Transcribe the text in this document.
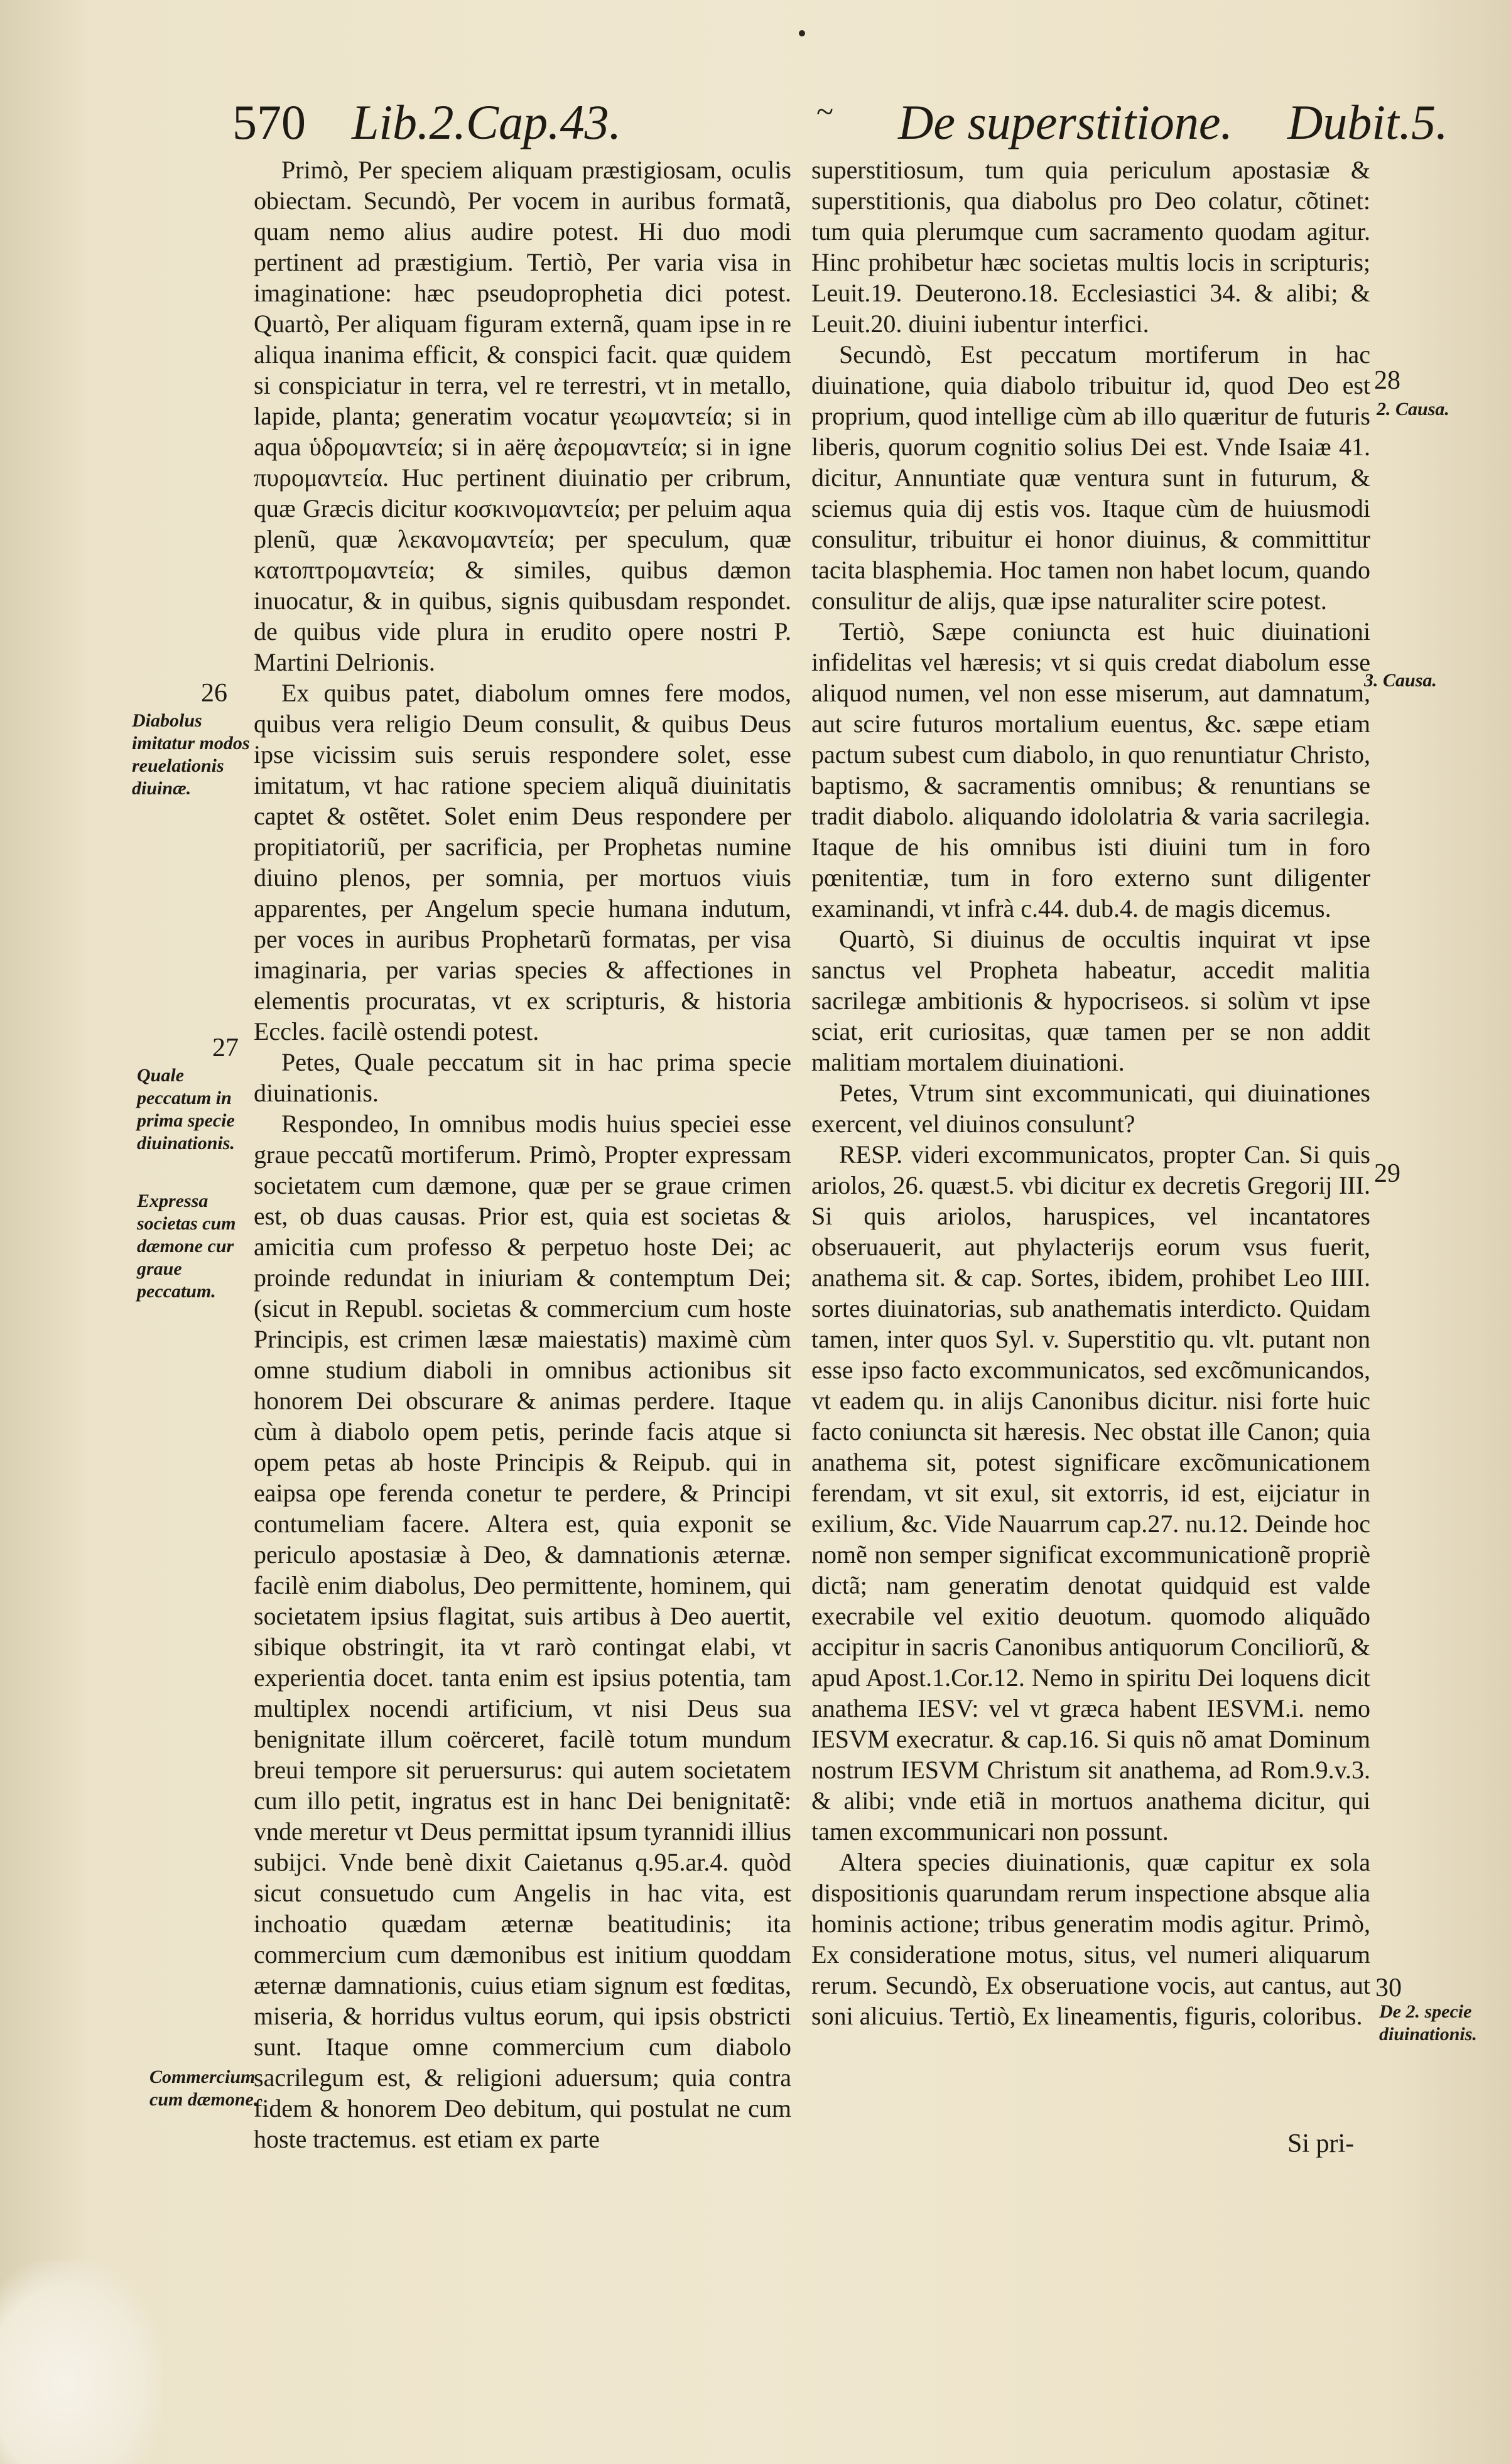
570 Lib.2.Cap.43.	~ De superstitione. Dubit.5.

Primò, Per speciem aliquam præstigiosam, oculis obiectam. Secundò, Per vocem in auribus formatã, quam nemo alius audire potest. Hi duo modi pertinent ad præstigium. Tertiò, Per varia visa in imaginatione: hæc pseudoprophetia dici potest. Quartò, Per aliquam figuram externã, quam ipse in re aliqua inanima efficit, & conspici facit. quæ quidem si conspiciatur in terra, vel re terrestri, vt in metallo, lapide, planta; generatim vocatur γεωμαντεία; si in aqua ὑδρομαντεία; si in aërę ἀερομαντεία; si in igne πυρομαντεία. Huc pertinent diuinatio per cribrum, quæ Græcis dicitur κοσκινομαντεία; per peluim aqua plenũ, quæ λεκανομαντεία; per speculum, quæ κατοπτρομαντεία; & similes, quibus dæmon inuocatur, & in quibus, signis quibusdam respondet. de quibus vide plura in erudito opere nostri P. Martini Delrionis.

Ex quibus patet, diabolum omnes fere modos, quibus vera religio Deum consulit, & quibus Deus ipse vicissim suis seruis respondere solet, esse imitatum, vt hac ratione speciem aliquã diuinitatis captet & ostẽtet. Solet enim Deus respondere per propitiatoriũ, per sacrificia, per Prophetas numine diuino plenos, per somnia, per mortuos viuis apparentes, per Angelum specie humana indutum, per voces in auribus Prophetarũ formatas, per visa imaginaria, per varias species & affectiones in elementis procuratas, vt ex scripturis, & historia Eccles. facilè ostendi potest.

Petes, Quale peccatum sit in hac prima specie diuinationis.

Respondeo, In omnibus modis huius speciei esse graue peccatũ mortiferum. Primò, Propter expressam societatem cum dæmone, quæ per se graue crimen est, ob duas causas. Prior est, quia est societas & amicitia cum professo & perpetuo hoste Dei; ac proinde redundat in iniuriam & contemptum Dei; (sicut in Republ. societas & commercium cum hoste Principis, est crimen læsæ maiestatis) maximè cùm omne studium diaboli in omnibus actionibus sit honorem Dei obscurare & animas perdere. Itaque cùm à diabolo opem petis, perinde facis atque si opem petas ab hoste Principis & Reipub. qui in eaipsa ope ferenda conetur te perdere, & Principi contumeliam facere. Altera est, quia exponit se periculo apostasiæ à Deo, & damnationis æternæ. facilè enim diabolus, Deo permittente, hominem, qui societatem ipsius flagitat, suis artibus à Deo auertit, sibique obstringit, ita vt rarò contingat elabi, vt experientia docet. tanta enim est ipsius potentia, tam multiplex nocendi artificium, vt nisi Deus sua benignitate illum coërceret, facilè totum mundum breui tempore sit peruersurus: qui autem societatem cum illo petit, ingratus est in hanc Dei benignitatẽ: vnde meretur vt Deus permittat ipsum tyrannidi illius subijci. Vnde benè dixit Caietanus q.95.ar.4. quòd sicut consuetudo cum Angelis in hac vita, est inchoatio quædam æternæ beatitudinis; ita commercium cum dæmonibus est initium quoddam æternæ damnationis, cuius etiam signum est fœditas, miseria, & horridus vultus eorum, qui ipsis obstricti sunt. Itaque omne commercium cum diabolo sacrilegum est, & religioni aduersum; quia contra fidem & honorem Deo debitum, qui postulat ne cum hoste tractemus. est etiam ex parte

superstitiosum, tum quia periculum apostasiæ & superstitionis, qua diabolus pro Deo colatur, cõtinet: tum quia plerumque cum sacramento quodam agitur. Hinc prohibetur hæc societas multis locis in scripturis; Leuit.19. Deuterono.18. Ecclesiastici 34. & alibi; & Leuit.20. diuini iubentur interfici.

Secundò, Est peccatum mortiferum in hac diuinatione, quia diabolo tribuitur id, quod Deo est proprium, quod intellige cùm ab illo quæritur de futuris liberis, quorum cognitio solius Dei est. Vnde Isaiæ 41. dicitur, Annuntiate quæ ventura sunt in futurum, & sciemus quia dij estis vos. Itaque cùm de huiusmodi consulitur, tribuitur ei honor diuinus, & committitur tacita blasphemia. Hoc tamen non habet locum, quando consulitur de alijs, quæ ipse naturaliter scire potest.

Tertiò, Sæpe coniuncta est huic diuinationi infidelitas vel hæresis; vt si quis credat diabolum esse aliquod numen, vel non esse miserum, aut damnatum, aut scire futuros mortalium euentus, &c. sæpe etiam pactum subest cum diabolo, in quo renuntiatur Christo, baptismo, & sacramentis omnibus; & renuntians se tradit diabolo. aliquando idololatria & varia sacrilegia. Itaque de his omnibus isti diuini tum in foro pœnitentiæ, tum in foro externo sunt diligenter examinandi, vt infrà c.44. dub.4. de magis dicemus.

Quartò, Si diuinus de occultis inquirat vt ipse sanctus vel Propheta habeatur, accedit malitia sacrilegæ ambitionis & hypocriseos. si solùm vt ipse sciat, erit curiositas, quæ tamen per se non addit malitiam mortalem diuinationi.

Petes, Vtrum sint excommunicati, qui diuinationes exercent, vel diuinos consulunt?

RESP. videri excommunicatos, propter Can. Si quis ariolos, 26. quæst.5. vbi dicitur ex decretis Gregorij III. Si quis ariolos, haruspices, vel incantatores obseruauerit, aut phylacterijs eorum vsus fuerit, anathema sit. & cap. Sortes, ibidem, prohibet Leo IIII. sortes diuinatorias, sub anathematis interdicto. Quidam tamen, inter quos Syl. v. Superstitio qu. vlt. putant non esse ipso facto excommunicatos, sed excõmunicandos, vt eadem qu. in alijs Canonibus dicitur. nisi forte huic facto coniuncta sit hæresis. Nec obstat ille Canon; quia anathema sit, potest significare excõmunicationem ferendam, vt sit exul, sit extorris, id est, eijciatur in exilium, &c. Vide Nauarrum cap.27. nu.12. Deinde hoc nomẽ non semper significat excommunicationẽ propriè dictã; nam generatim denotat quidquid est valde execrabile vel exitio deuotum. quomodo aliquãdo accipitur in sacris Canonibus antiquorum Conciliorũ, & apud Apost.1.Cor.12. Nemo in spiritu Dei loquens dicit anathema IESV: vel vt græca habent IESVM.i. nemo IESVM execratur. & cap.16. Si quis nõ amat Dominum nostrum IESVM Christum sit anathema, ad Rom.9.v.3. & alibi; vnde etiã in mortuos anathema dicitur, qui tamen excommunicari non possunt.

Altera species diuinationis, quæ capitur ex sola dispositionis quarundam rerum inspectione absque alia hominis actione; tribus generatim modis agitur. Primò, Ex consideratione motus, situs, vel numeri aliquarum rerum. Secundò, Ex obseruatione vocis, aut cantus, aut soni alicuius. Tertiò, Ex lineamentis, figuris, coloribus.

26
27
28
29
30
Diabolus imitatur modos reuelationis diuinæ.
Quale peccatum in prima specie diuinationis.
Expressa societas cum dæmone cur graue peccatum.
Commercium cum dæmone.
2. Causa.
3. Causa.
De 2. specie diuinationis.
Si pri-
